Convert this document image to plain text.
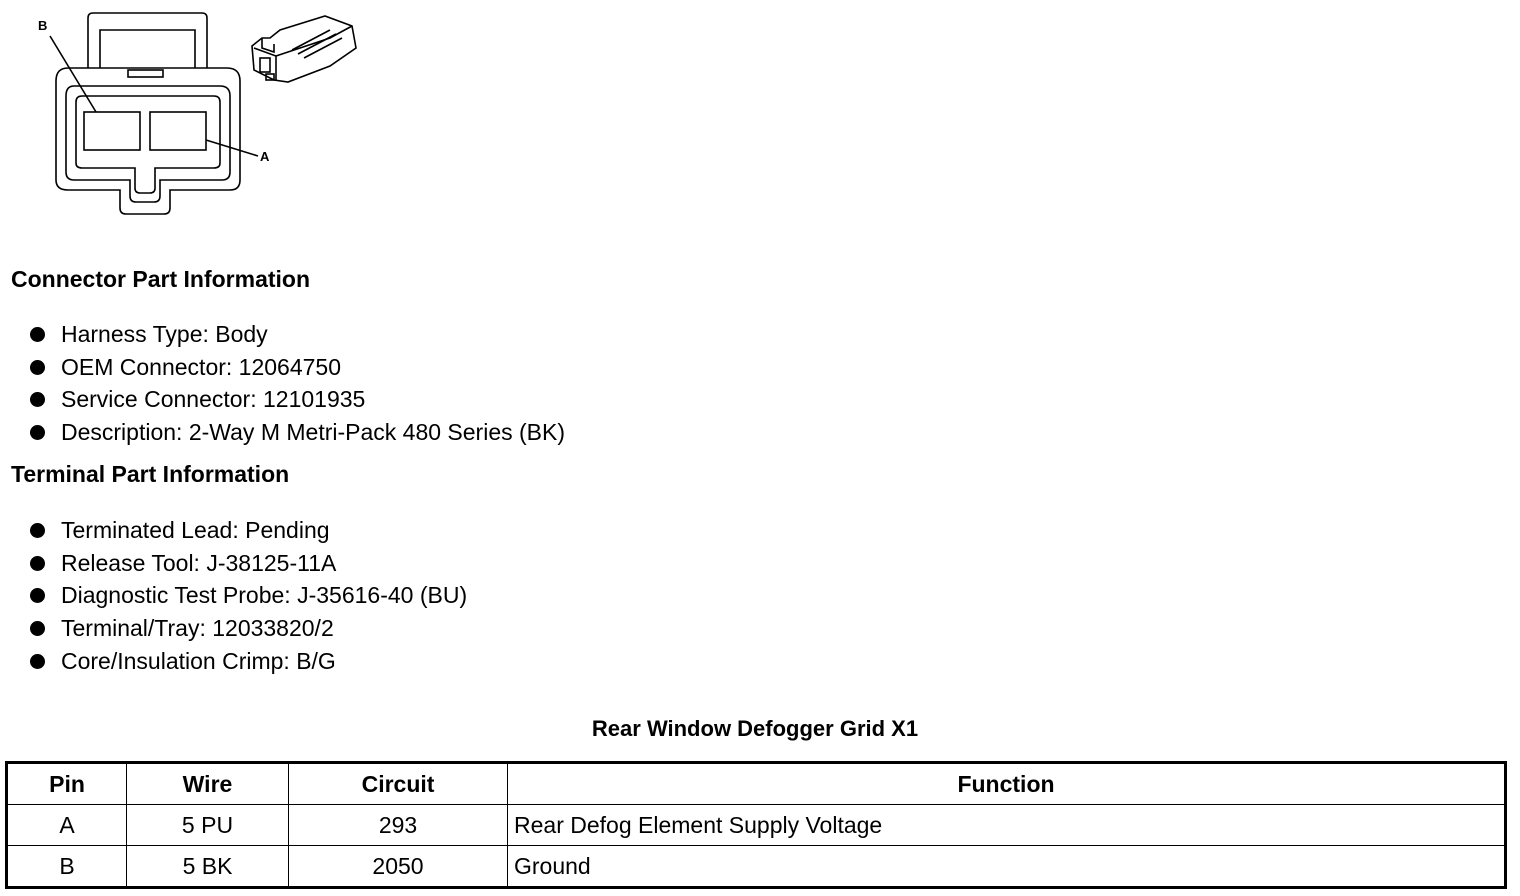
B
A
Connector Part Information
Harness Type: Body
OEM Connector: 12064750
Service Connector: 12101935
Description: 2-Way M Metri-Pack 480 Series (BK)
Terminal Part Information
Terminated Lead: Pending
Release Tool: J-38125-11A
Diagnostic Test Probe: J-35616-40 (BU)
Terminal/Tray: 12033820/2
Core/Insulation Crimp: B/G
Rear Window Defogger Grid X1
Pin	Wire	Circuit	Function
A	5 PU	293	Rear Defog Element Supply Voltage
B	5 BK	2050	Ground
